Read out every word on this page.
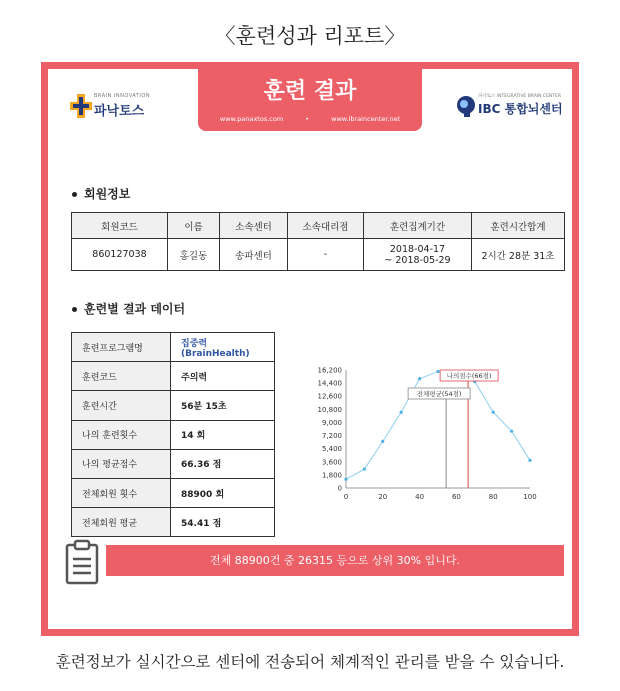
〈훈련성과 리포트〉
BRAIN INNOVATION
파낙토스
훈련 결과
www.panaxtos.com	•	www.ibraincenter.net
파낙토스 INTEGRATIVE BRAIN CENTER
IBC 통합뇌센터
회원정보
회원코드	이름	소속센터	소속대리점	훈련집계기간	훈련시간합계
860127038	홍길동	송파센터	-	2018-04-17
~ 2018-05-29	2시간 28분 31초
훈련별 결과 데이터
훈련프로그램명	집중력 (BrainHealth)
훈련코드	주의력
훈련시간	56분 15초
나의 훈련횟수	14 회
나의 평균점수	66.36 점
전체회원 횟수	88900 회
전체회원 평균	54.41 점
0
1,800
3,600
5,400
7,200
9,000
10,800
12,600
14,400
16,200
0	20	40	60	80	100
나의점수(66점)
전체평균(54점)
전체 88900건 중 26315 등으로 상위 30% 입니다.
훈련정보가 실시간으로 센터에 전송되어 체계적인 관리를 받을 수 있습니다.
